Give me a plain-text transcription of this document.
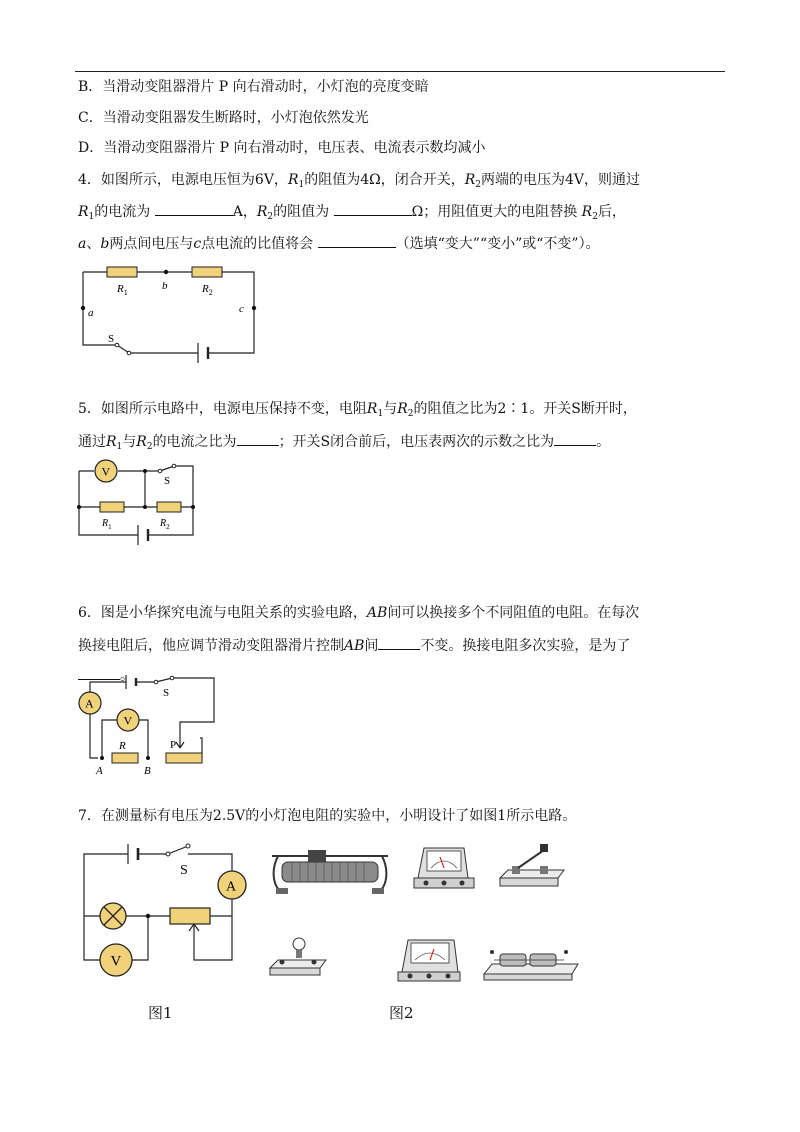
B．当滑动变阻器滑片 P 向右滑动时，小灯泡的亮度变暗
C．当滑动变阻器发生断路时，小灯泡依然发光
D．当滑动变阻器滑片 P 向右滑动时，电压表、电流表示数均减小
4．如图所示，电源电压恒为6V，$R_1$的阻值为4Ω，闭合开关，$R_2$两端的电压为4V，则通过
$R_1$的电流为	A，$R_2$的阻值为	Ω；用阻值更大的电阻替换 $R_2$后，
a、b两点间电压与c点电流的比值将会	（选填“变大”“变小”或“不变”）。
$R_1$	$R_2$
b
a	c
S
5．如图所示电路中，电源电压保持不变，电阻$R_1$与$R_2$的阻值之比为2∶1。开关S断开时，
通过$R_1$与$R_2$的电流之比为	；开关S闭合前后，电压表两次的示数之比为	。
V
S
$R_1$	$R_2$
6．图是小华探究电流与电阻关系的实验电路，AB间可以换接多个不同阻值的电阻。在每次
换接电阻后，他应调节滑动变阻器滑片控制AB间	不变。换接电阻多次实验，是为了
。
A
V
S
R	P
A	B
7．在测量标有电压为2.5V的小灯泡电阻的实验中，小明设计了如图1所示电路。
A
V
S
图1	图2
